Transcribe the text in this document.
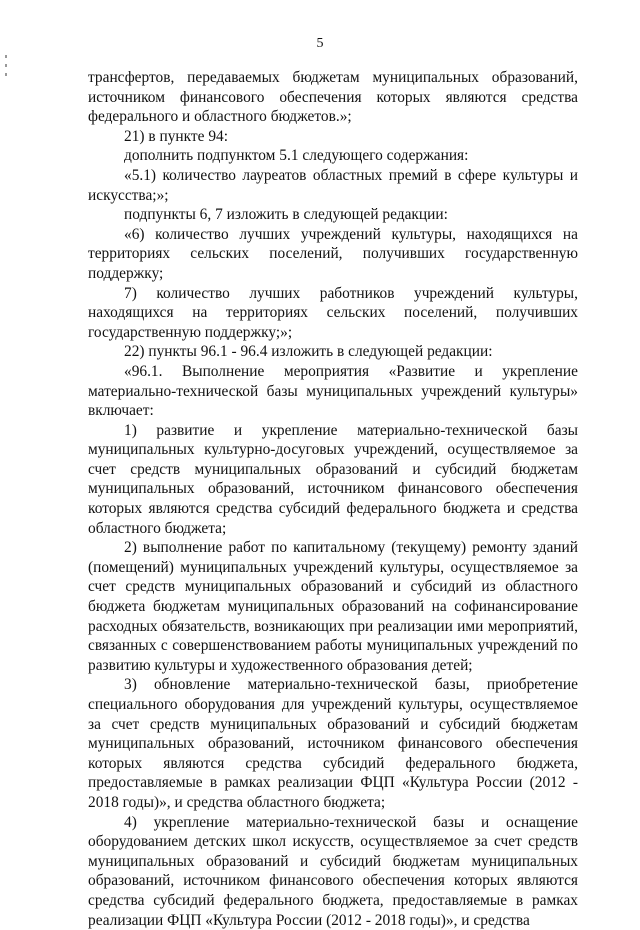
5

трансфертов, передаваемых бюджетам муниципальных образований, источником финансового обеспечения которых являются средства федерального и областного бюджетов.»;

21) в пункте 94:

дополнить подпунктом 5.1 следующего содержания:

«5.1) количество лауреатов областных премий в сфере культуры и искусства;»;

подпункты 6, 7 изложить в следующей редакции:

«6) количество лучших учреждений культуры, находящихся на территориях сельских поселений, получивших государственную поддержку;

7) количество лучших работников учреждений культуры, находящихся на территориях сельских поселений, получивших государственную поддержку;»;

22) пункты 96.1 - 96.4 изложить в следующей редакции:

«96.1. Выполнение мероприятия «Развитие и укрепление материально-технической базы муниципальных учреждений культуры» включает:

1) развитие и укрепление материально-технической базы муниципальных культурно-досуговых учреждений, осуществляемое за счет средств муниципальных образований и субсидий бюджетам муниципальных образований, источником финансового обеспечения которых являются средства субсидий федерального бюджета и средства областного бюджета;

2) выполнение работ по капитальному (текущему) ремонту зданий (помещений) муниципальных учреждений культуры, осуществляемое за счет средств муниципальных образований и субсидий из областного бюджета бюджетам муниципальных образований на софинансирование расходных обязательств, возникающих при реализации ими мероприятий, связанных с совершенствованием работы муниципальных учреждений по развитию культуры и художественного образования детей;

3) обновление материально-технической базы, приобретение специального оборудования для учреждений культуры, осуществляемое за счет средств муниципальных образований и субсидий бюджетам муниципальных образований, источником финансового обеспечения которых являются средства субсидий федерального бюджета, предоставляемые в рамках реализации ФЦП «Культура России (2012 - 2018 годы)», и средства областного бюджета;

4) укрепление материально-технической базы и оснащение оборудованием детских школ искусств, осуществляемое за счет средств муниципальных образований и субсидий бюджетам муниципальных образований, источником финансового обеспечения которых являются средства субсидий федерального бюджета, предоставляемые в рамках реализации ФЦП «Культура России (2012 - 2018 годы)», и средства
